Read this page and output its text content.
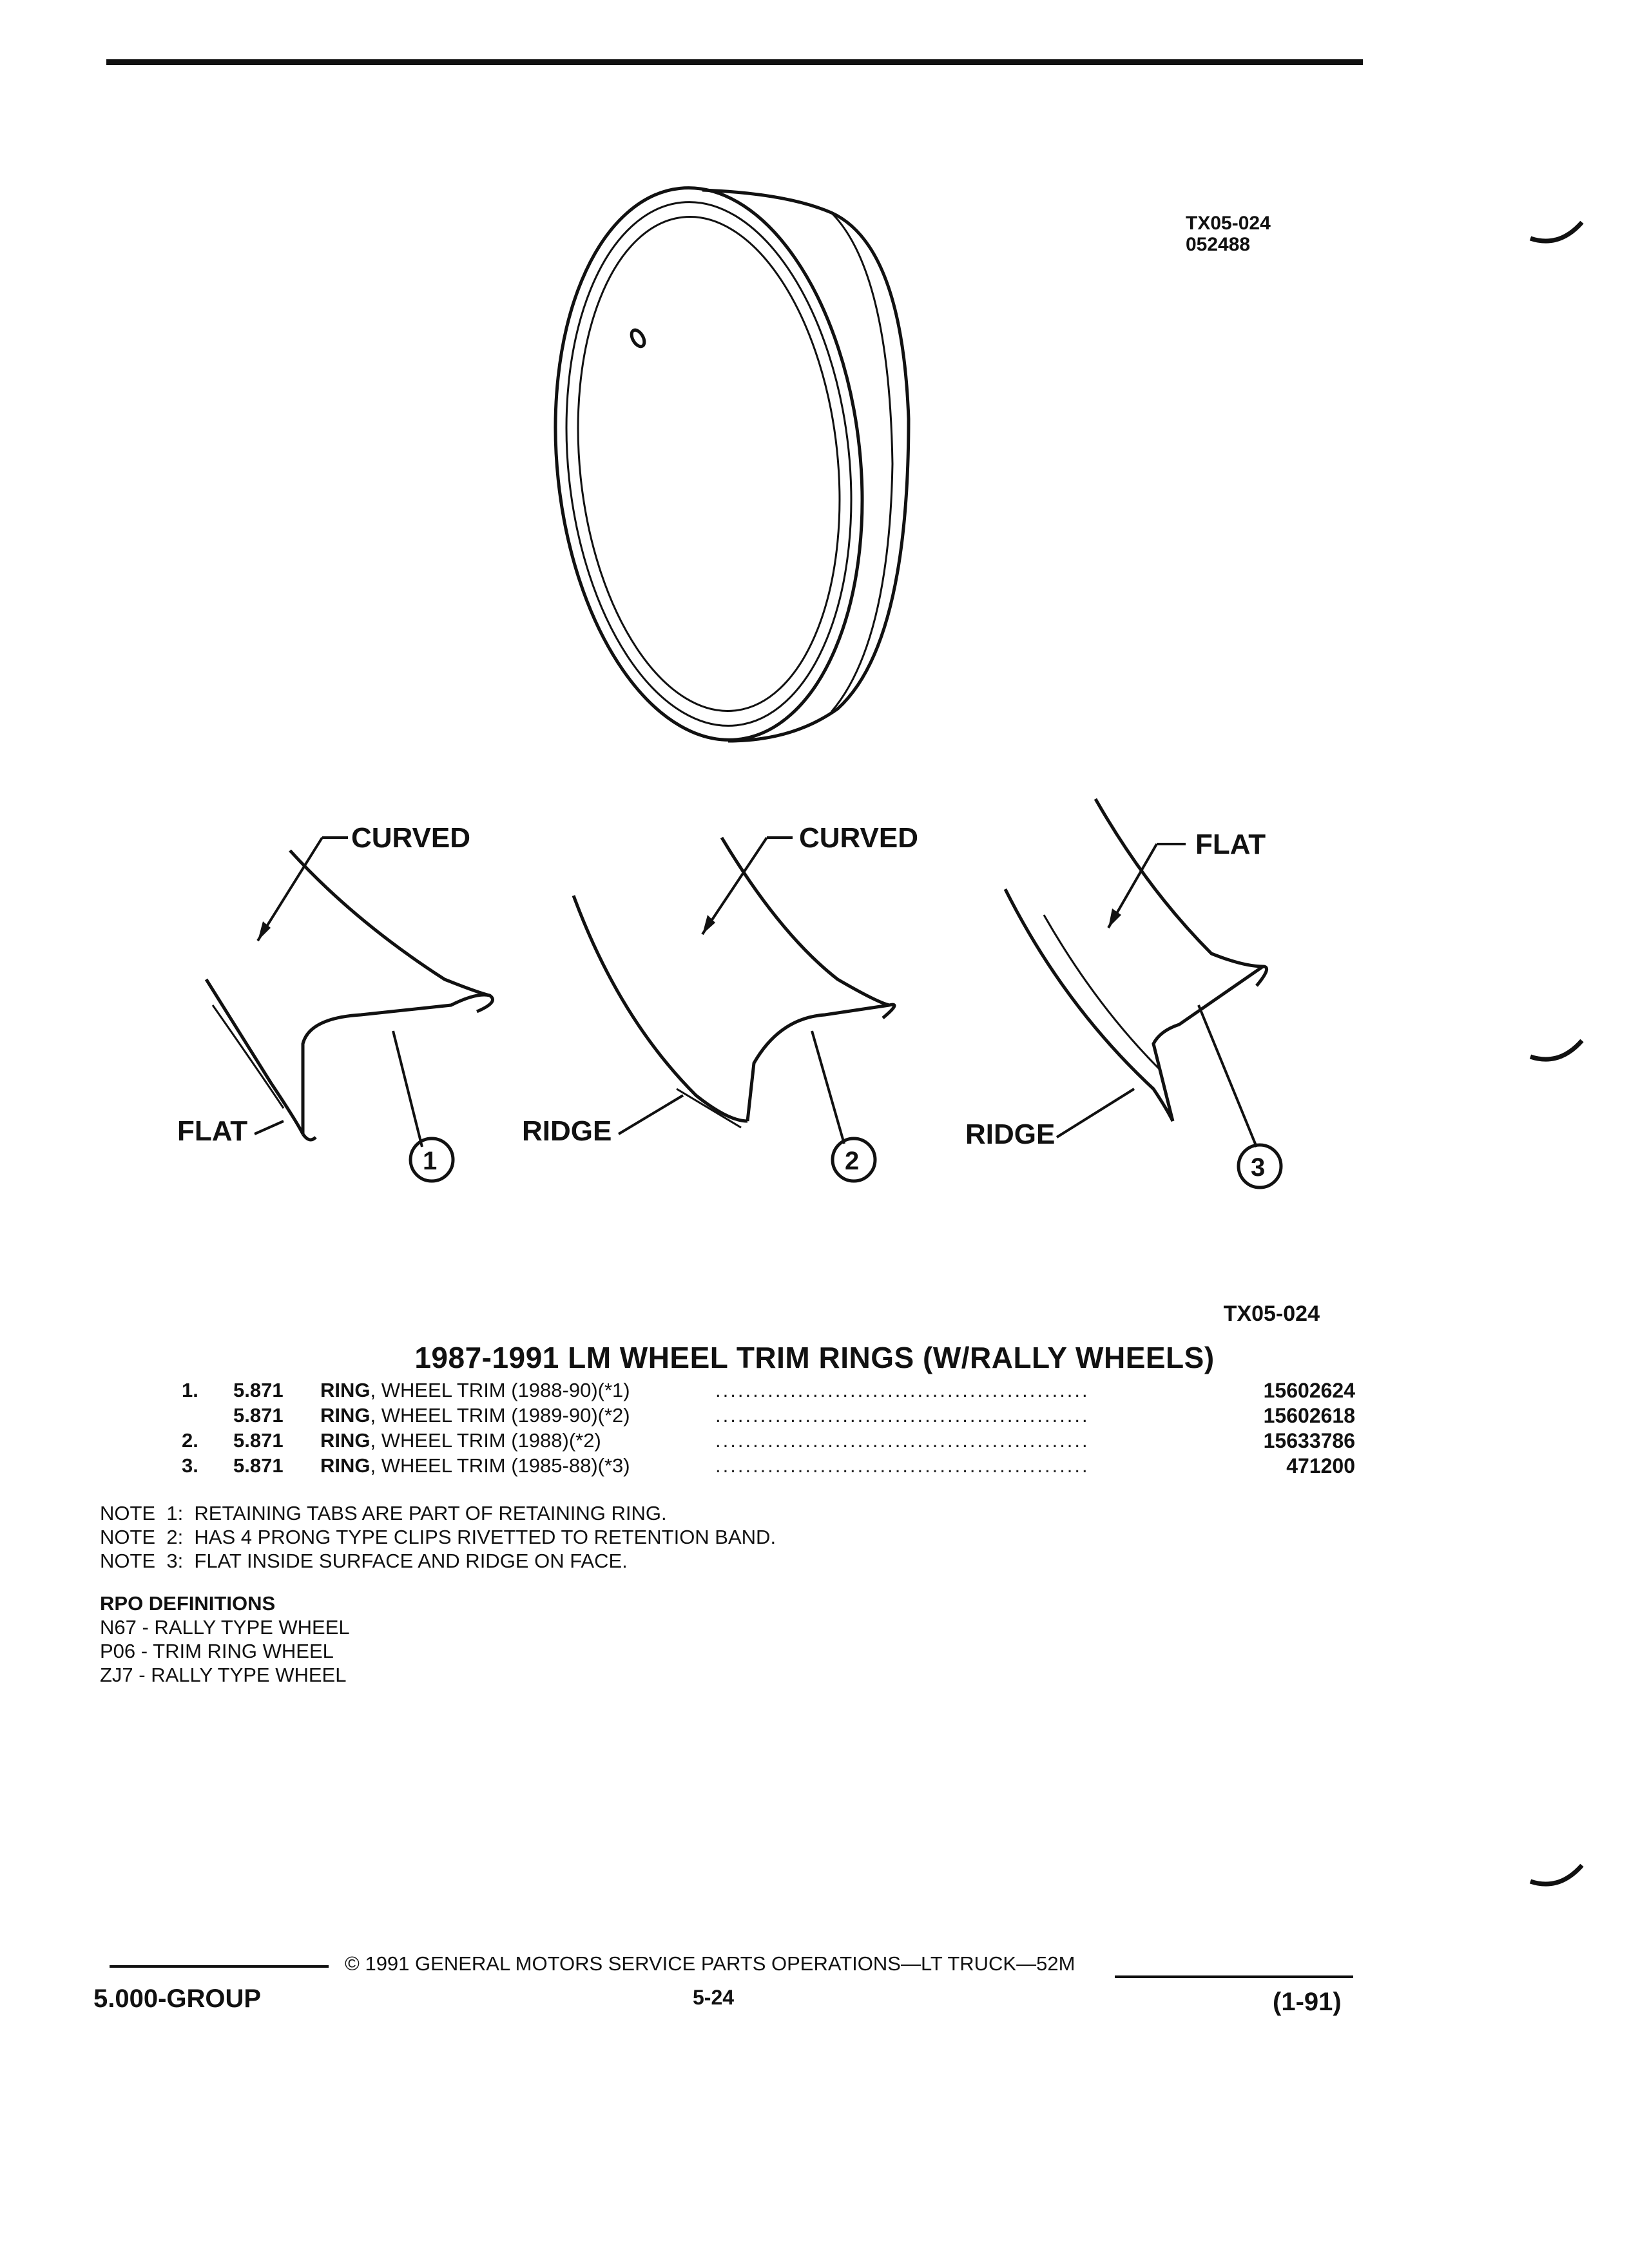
TX05-024
052488
CURVED
FLAT
1
CURVED
RIDGE
2
FLAT
RIDGE
3
TX05-024
1987-1991 LM WHEEL TRIM RINGS (W/RALLY WHEELS)
1. 5.871 RING, WHEEL TRIM (1988-90)(*1)	..................................................	15602624
5.871 RING, WHEEL TRIM (1989-90)(*2)	..................................................	15602618
2. 5.871 RING, WHEEL TRIM (1988)(*2)	..................................................	15633786
3. 5.871 RING, WHEEL TRIM (1985-88)(*3)	..................................................	471200
NOTE  1:  RETAINING TABS ARE PART OF RETAINING RING.
NOTE  2:  HAS 4 PRONG TYPE CLIPS RIVETTED TO RETENTION BAND.
NOTE  3:  FLAT INSIDE SURFACE AND RIDGE ON FACE.
RPO DEFINITIONS
N67 - RALLY TYPE WHEEL
P06 - TRIM RING WHEEL
ZJ7 - RALLY TYPE WHEEL
© 1991 GENERAL MOTORS SERVICE PARTS OPERATIONS—LT TRUCK—52M
5.000-GROUP	5-24	(1-91)
